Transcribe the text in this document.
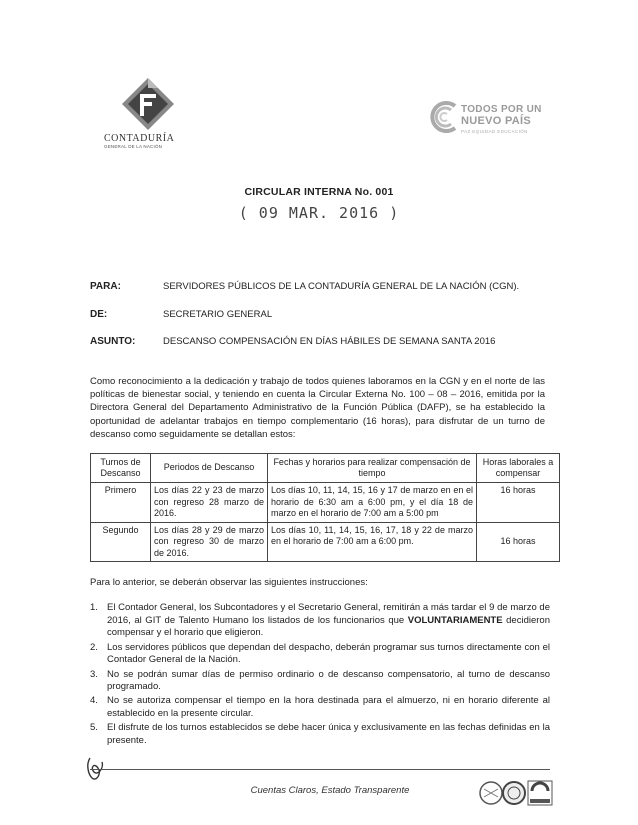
CONTADURÍA
GENERAL DE LA NACIÓN
TODOS POR UN
NUEVO PAÍS
PAZ EQUIDAD EDUCACIÓN
CIRCULAR INTERNA No. 001
( 09 MAR. 2016 )
PARA:	SERVIDORES PÚBLICOS DE LA CONTADURÍA GENERAL DE LA NACIÓN (CGN).
DE:	SECRETARIO GENERAL
ASUNTO:	DESCANSO COMPENSACIÓN EN DÍAS HÁBILES DE SEMANA SANTA 2016
Como reconocimiento a la dedicación y trabajo de todos quienes laboramos en la CGN y en el norte de las políticas de bienestar social, y teniendo en cuenta la Circular Externa No. 100 – 08 – 2016, emitida por la Directora General del Departamento Administrativo de la Función Pública (DAFP), se ha establecido la oportunidad de adelantar trabajos en tiempo complementario (16 horas), para disfrutar de un turno de descanso como seguidamente se detallan estos:
Turnos de Descanso	Periodos de Descanso	Fechas y horarios para realizar compensación de tiempo	Horas laborales a compensar
Primero	Los días 22 y 23 de marzo con regreso 28 marzo de 2016.	Los días 10, 11, 14, 15, 16 y 17 de marzo en en el horario de 6:30 am a 6:00 pm, y el día 18 de marzo en el horario de 7:00 am a 5:00 pm	16 horas
Segundo	Los días 28 y 29 de marzo con regreso 30 de marzo de 2016.	Los días 10, 11, 14, 15, 16, 17, 18 y 22 de marzo en el horario de 7:00 am a 6:00 pm.	16 horas
Para lo anterior, se deberán observar las siguientes instrucciones:
1. El Contador General, los Subcontadores y el Secretario General, remitirán a más tardar el 9 de marzo de 2016, al GIT de Talento Humano los listados de los funcionarios que VOLUNTARIAMENTE decidieron compensar y el horario que eligieron.
2. Los servidores públicos que dependan del despacho, deberán programar sus turnos directamente con el Contador General de la Nación.
3. No se podrán sumar días de permiso ordinario o de descanso compensatorio, al turno de descanso programado.
4. No se autoriza compensar el tiempo en la hora destinada para el almuerzo, ni en horario diferente al establecido en la presente circular.
5. El disfrute de los turnos establecidos se debe hacer única y exclusivamente en las fechas definidas en la presente.
Cuentas Claros, Estado Transparente
